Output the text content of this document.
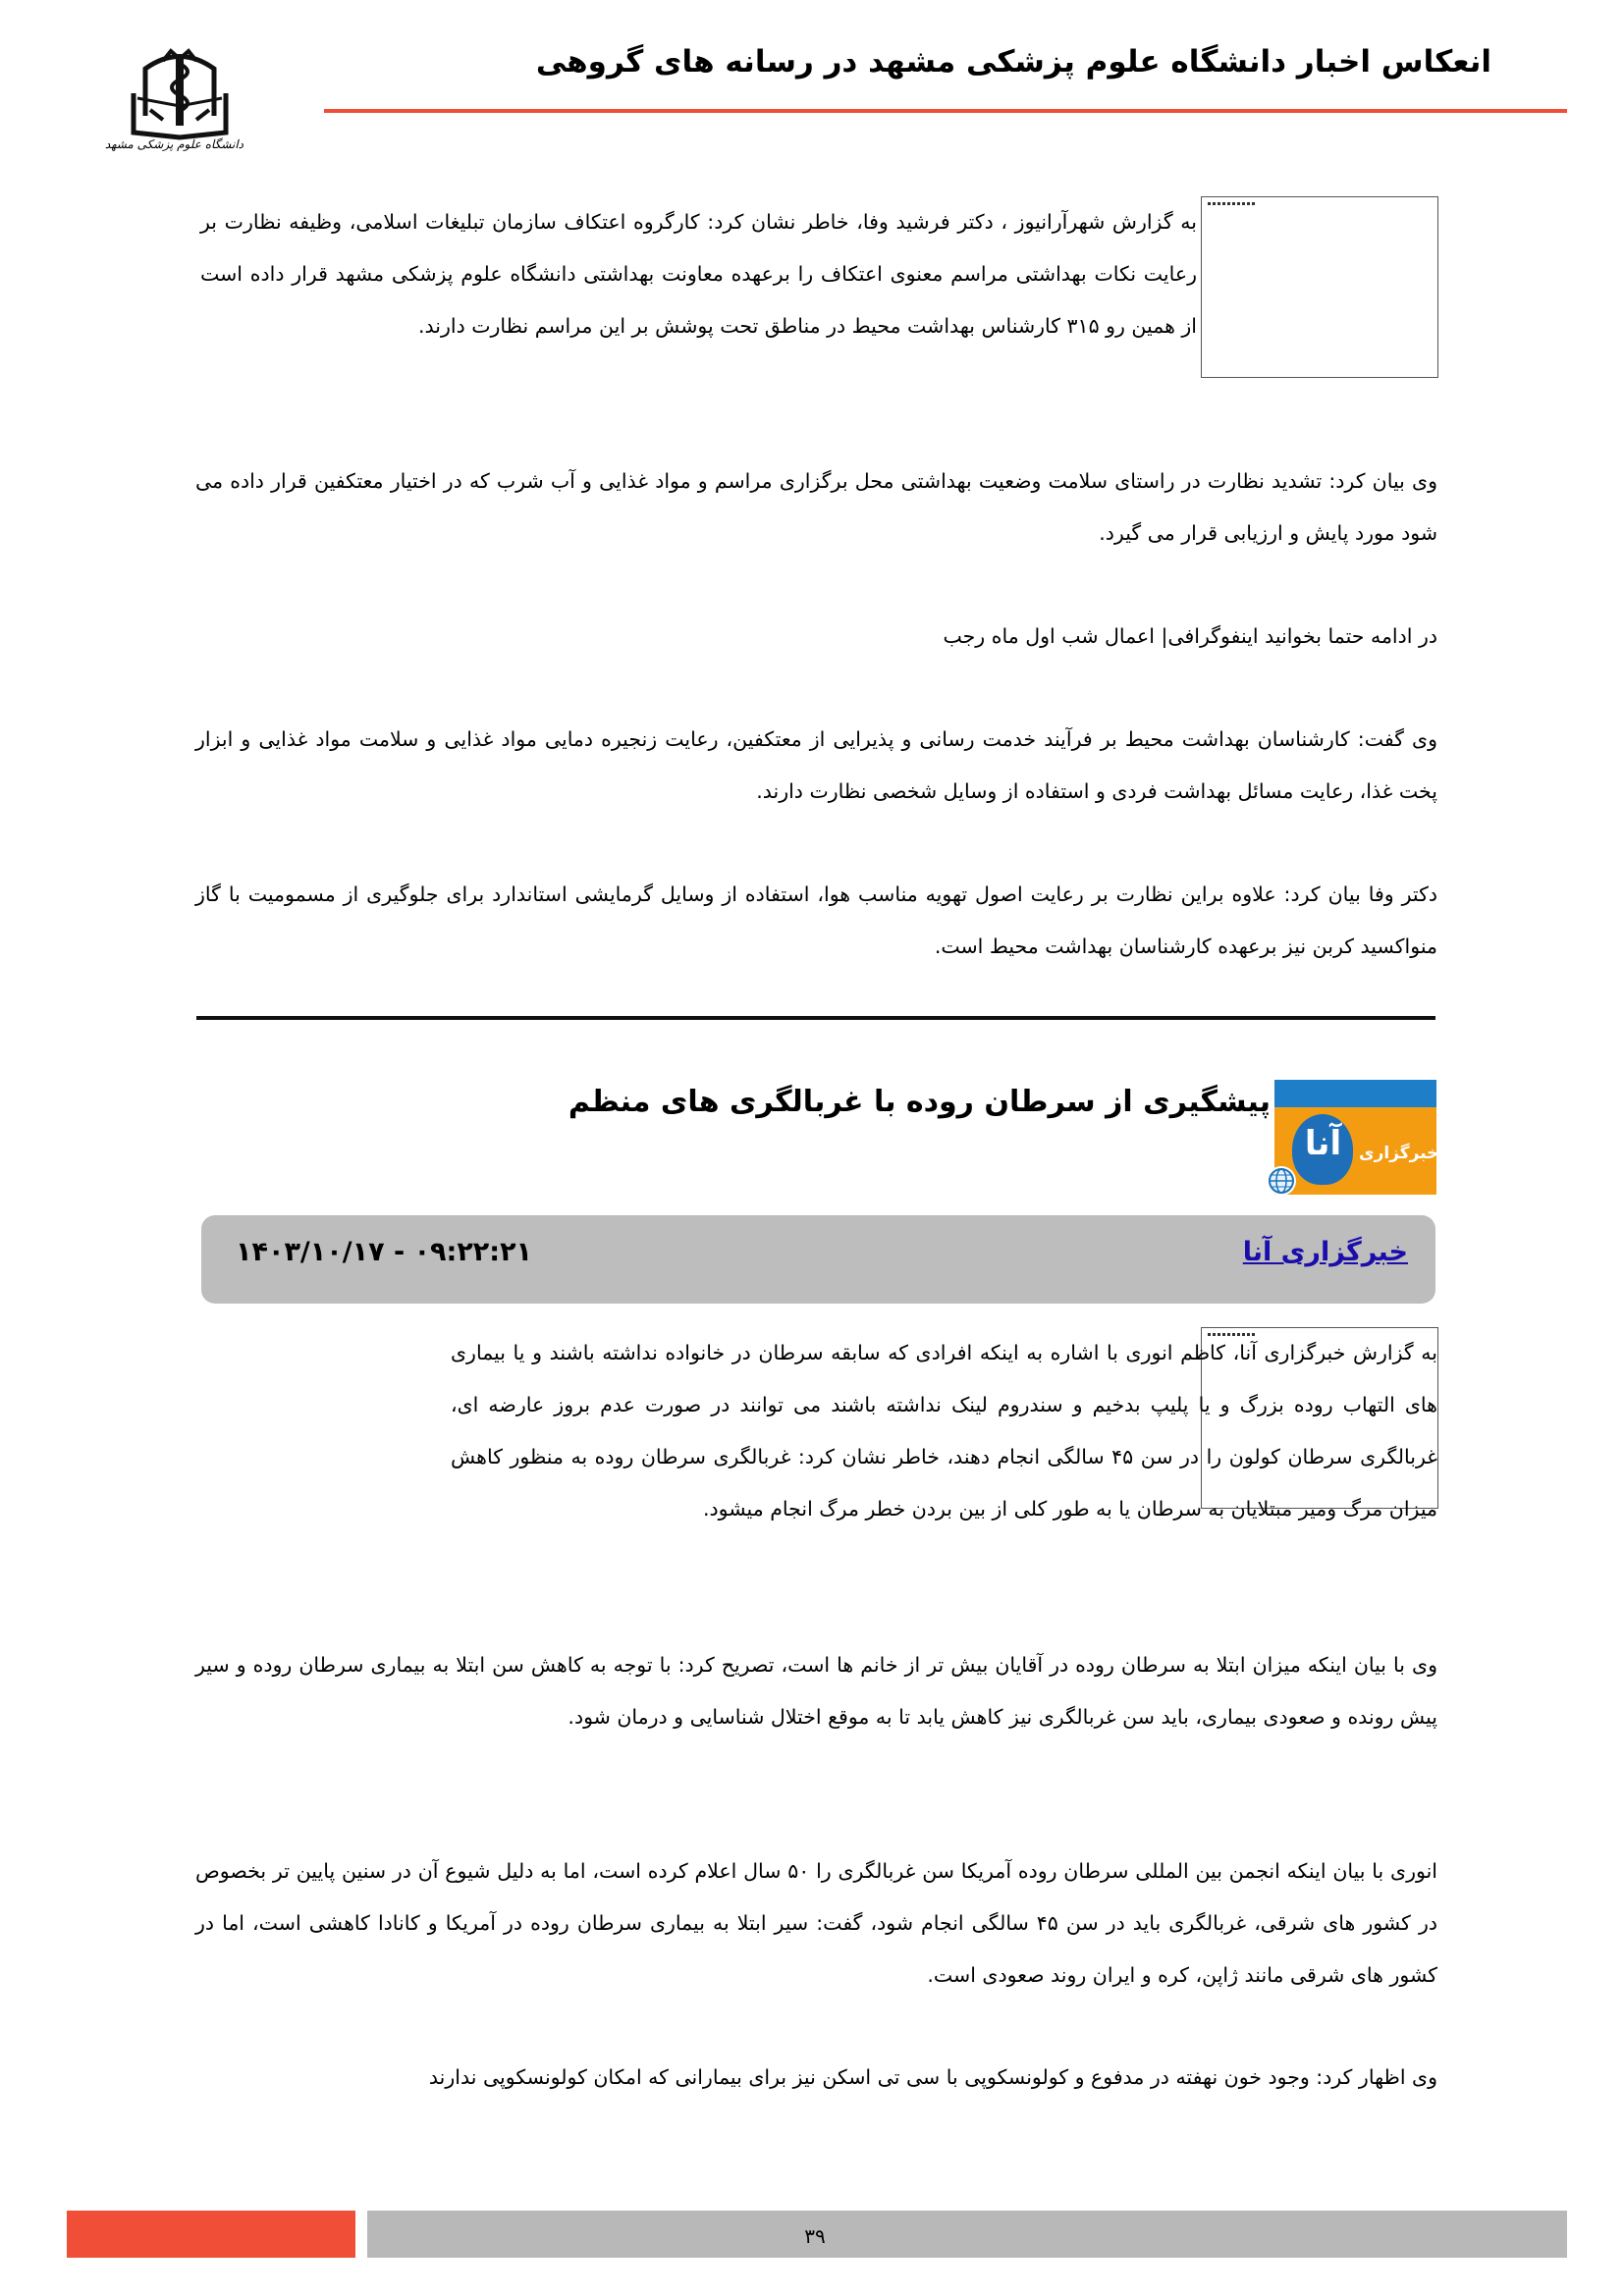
انعکاس اخبار دانشگاه علوم پزشکی مشهد در رسانه های گروهی
دانشگاه علوم پزشکی مشهد

به گزارش شهرآرانیوز ، دکتر فرشید وفا، خاطر نشان کرد: کارگروه اعتکاف سازمان تبلیغات اسلامی، وظیفه نظارت بر رعایت نکات بهداشتی مراسم معنوی اعتکاف را برعهده معاونت بهداشتی دانشگاه علوم پزشکی مشهد قرار داده است از همین رو ۳۱۵ کارشناس بهداشت محیط در مناطق تحت پوشش بر این مراسم نظارت دارند.

وی بیان کرد: تشدید نظارت در راستای سلامت وضعیت بهداشتی محل برگزاری مراسم و مواد غذایی و آب شرب که در اختیار معتکفین قرار داده می شود مورد پایش و ارزیابی قرار می گیرد.

در ادامه حتما بخوانید اینفوگرافی| اعمال شب اول ماه رجب

وی گفت: کارشناسان بهداشت محیط بر فرآیند خدمت رسانی و پذیرایی از معتکفین، رعایت زنجیره دمایی مواد غذایی و سلامت مواد غذایی و ابزار پخت غذا، رعایت مسائل بهداشت فردی و استفاده از وسایل شخصی نظارت دارند.

دکتر وفا بیان کرد: علاوه براین نظارت بر رعایت اصول تهویه مناسب هوا، استفاده از وسایل گرمایشی استاندارد برای جلوگیری از مسمومیت با گاز منواکسید کربن نیز برعهده کارشناسان بهداشت محیط است.

آنا	خبرگزاری
پیشگیری از سرطان روده با غربالگری های منظم
خبرگزاری آنا
۱۴۰۳/۱۰/۱۷ - ۰۹:۲۲:۲۱

به گزارش خبرگزاری آنا، کاظم انوری با اشاره به اینکه افرادی که سابقه سرطان در خانواده نداشته باشند و یا بیماری های التهاب روده بزرگ و یا پلیپ بدخیم و سندروم لینک نداشته باشند می توانند در صورت عدم بروز عارضه ای، غربالگری سرطان کولون را در سن ۴۵ سالگی انجام دهند، خاطر نشان کرد: غربالگری سرطان روده به منظور کاهش میزان مرگ ومیر مبتلایان به سرطان یا به طور کلی از بین بردن خطر مرگ انجام میشود.

وی با بیان اینکه میزان ابتلا به سرطان روده در آقایان بیش تر از خانم ها است، تصریح کرد: با توجه به کاهش سن ابتلا به بیماری سرطان روده و سیر پیش رونده و صعودی بیماری، باید سن غربالگری نیز کاهش یابد تا به موقع اختلال شناسایی و درمان شود.

انوری با بیان اینکه انجمن بین المللی سرطان روده آمریکا سن غربالگری را ۵۰ سال اعلام کرده است، اما به دلیل شیوع آن در سنین پایین تر بخصوص در کشور های شرقی، غربالگری باید در سن ۴۵ سالگی انجام شود، گفت: سیر ابتلا به بیماری سرطان روده در آمریکا و کانادا کاهشی است، اما در کشور های شرقی مانند ژاپن، کره و ایران روند صعودی است.

وی اظهار کرد: وجود خون نهفته در مدفوع و کولونسکوپی با سی تی اسکن نیز برای بیمارانی که امکان کولونسکوپی ندارند

۳۹
